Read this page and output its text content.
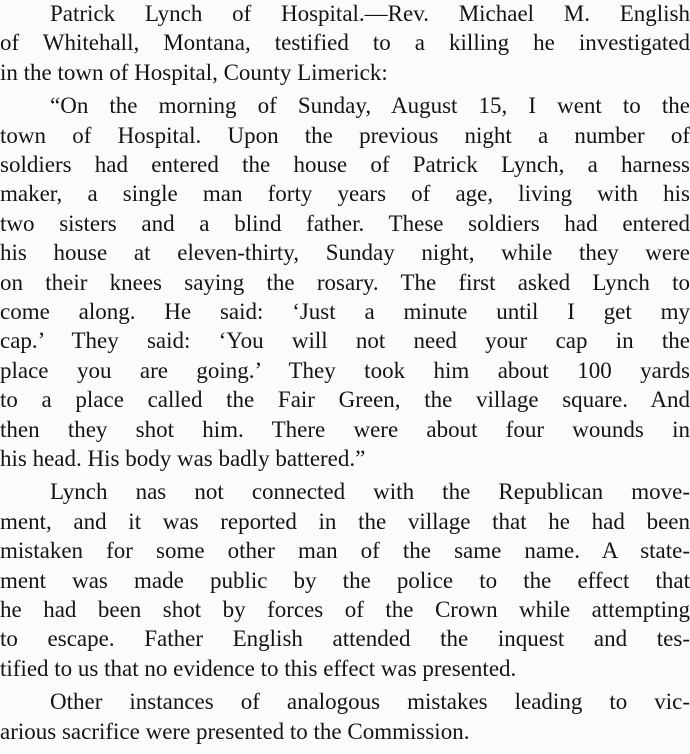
Patrick Lynch of Hospital.—Rev. Michael M. English
of Whitehall, Montana, testified to a killing he investigated
in the town of Hospital, County Limerick:
“On the morning of Sunday, August 15, I went to the
town of Hospital. Upon the previous night a number of
soldiers had entered the house of Patrick Lynch, a harness
maker, a single man forty years of age, living with his
two sisters and a blind father. These soldiers had entered
his house at eleven-thirty, Sunday night, while they were
on their knees saying the rosary. The first asked Lynch to
come along. He said: ‘Just a minute until I get my
cap.’ They said: ‘You will not need your cap in the
place you are going.’ They took him about 100 yards
to a place called the Fair Green, the village square. And
then they shot him. There were about four wounds in
his head. His body was badly battered.”
Lynch nas not connected with the Republican move-
ment, and it was reported in the village that he had been
mistaken for some other man of the same name. A state-
ment was made public by the police to the effect that
he had been shot by forces of the Crown while attempting
to escape. Father English attended the inquest and tes-
tified to us that no evidence to this effect was presented.
Other instances of analogous mistakes leading to vic-
arious sacrifice were presented to the Commission.
